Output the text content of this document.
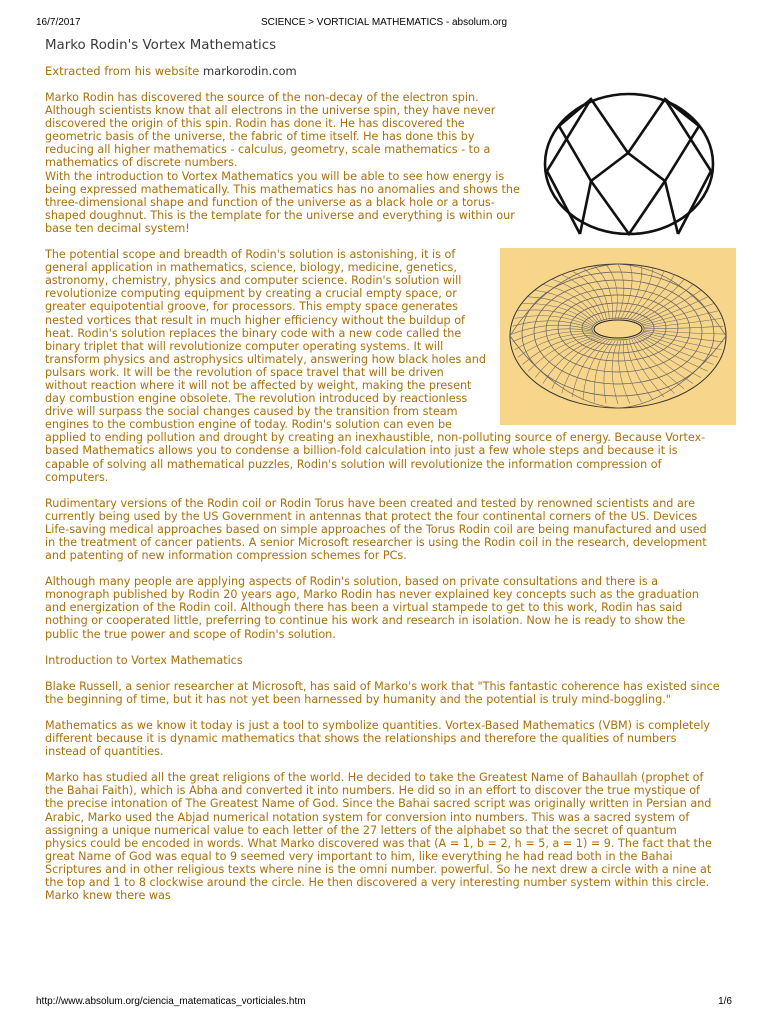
16/7/2017	SCIENCE > VORTICIAL MATHEMATICS - absolum.org
Marko Rodin's Vortex Mathematics

Extracted from his website markorodin.com

Marko Rodin has discovered the source of the non-decay of the electron spin. Although scientists know that all electrons in the universe spin, they have never discovered the origin of this spin. Rodin has done it. He has discovered the geometric basis of the universe, the fabric of time itself. He has done this by reducing all higher mathematics - calculus, geometry, scale mathematics - to a mathematics of discrete numbers.

With the introduction to Vortex Mathematics you will be able to see how energy is being expressed mathematically. This mathematics has no anomalies and shows the three-dimensional shape and function of the universe as a black hole or a torus-shaped doughnut. This is the template for the universe and everything is within our base ten decimal system!

The potential scope and breadth of Rodin's solution is astonishing, it is of general application in mathematics, science, biology, medicine, genetics, astronomy, chemistry, physics and computer science. Rodin's solution will revolutionize computing equipment by creating a crucial empty space, or greater equipotential groove, for processors. This empty space generates nested vortices that result in much higher efficiency without the buildup of heat. Rodin's solution replaces the binary code with a new code called the binary triplet that will revolutionize computer operating systems. It will transform physics and astrophysics ultimately, answering how black holes and pulsars work. It will be the revolution of space travel that will be driven without reaction where it will not be affected by weight, making the present day combustion engine obsolete. The revolution introduced by reactionless drive will surpass the social changes caused by the transition from steam engines to the combustion engine of today. Rodin's solution can even be applied to ending pollution and drought by creating an inexhaustible, non-polluting source of energy. Because Vortex-based Mathematics allows you to condense a billion-fold calculation into just a few whole steps and because it is capable of solving all mathematical puzzles, Rodin's solution will revolutionize the information compression of computers.

Rudimentary versions of the Rodin coil or Rodin Torus have been created and tested by renowned scientists and are currently being used by the US Government in antennas that protect the four continental corners of the US. Devices Life-saving medical approaches based on simple approaches of the Torus Rodin coil are being manufactured and used in the treatment of cancer patients. A senior Microsoft researcher is using the Rodin coil in the research, development and patenting of new information compression schemes for PCs.

Although many people are applying aspects of Rodin's solution, based on private consultations and there is a monograph published by Rodin 20 years ago, Marko Rodin has never explained key concepts such as the graduation and energization of the Rodin coil. Although there has been a virtual stampede to get to this work, Rodin has said nothing or cooperated little, preferring to continue his work and research in isolation. Now he is ready to show the public the true power and scope of Rodin's solution.

Introduction to Vortex Mathematics

Blake Russell, a senior researcher at Microsoft, has said of Marko's work that "This fantastic coherence has existed since the beginning of time, but it has not yet been harnessed by humanity and the potential is truly mind-boggling."

Mathematics as we know it today is just a tool to symbolize quantities. Vortex-Based Mathematics (VBM) is completely different because it is dynamic mathematics that shows the relationships and therefore the qualities of numbers instead of quantities.

Marko has studied all the great religions of the world. He decided to take the Greatest Name of Bahaullah (prophet of the Bahai Faith), which is Abha and converted it into numbers. He did so in an effort to discover the true mystique of the precise intonation of The Greatest Name of God. Since the Bahai sacred script was originally written in Persian and Arabic, Marko used the Abjad numerical notation system for conversion into numbers. This was a sacred system of assigning a unique numerical value to each letter of the 27 letters of the alphabet so that the secret of quantum physics could be encoded in words. What Marko discovered was that (A = 1, b = 2, h = 5, a = 1) = 9. The fact that the great Name of God was equal to 9 seemed very important to him, like everything he had read both in the Bahai Scriptures and in other religious texts where nine is the omni number. powerful. So he next drew a circle with a nine at the top and 1 to 8 clockwise around the circle. He then discovered a very interesting number system within this circle. Marko knew there was

http://www.absolum.org/ciencia_matematicas_vorticiales.htm	1/6
